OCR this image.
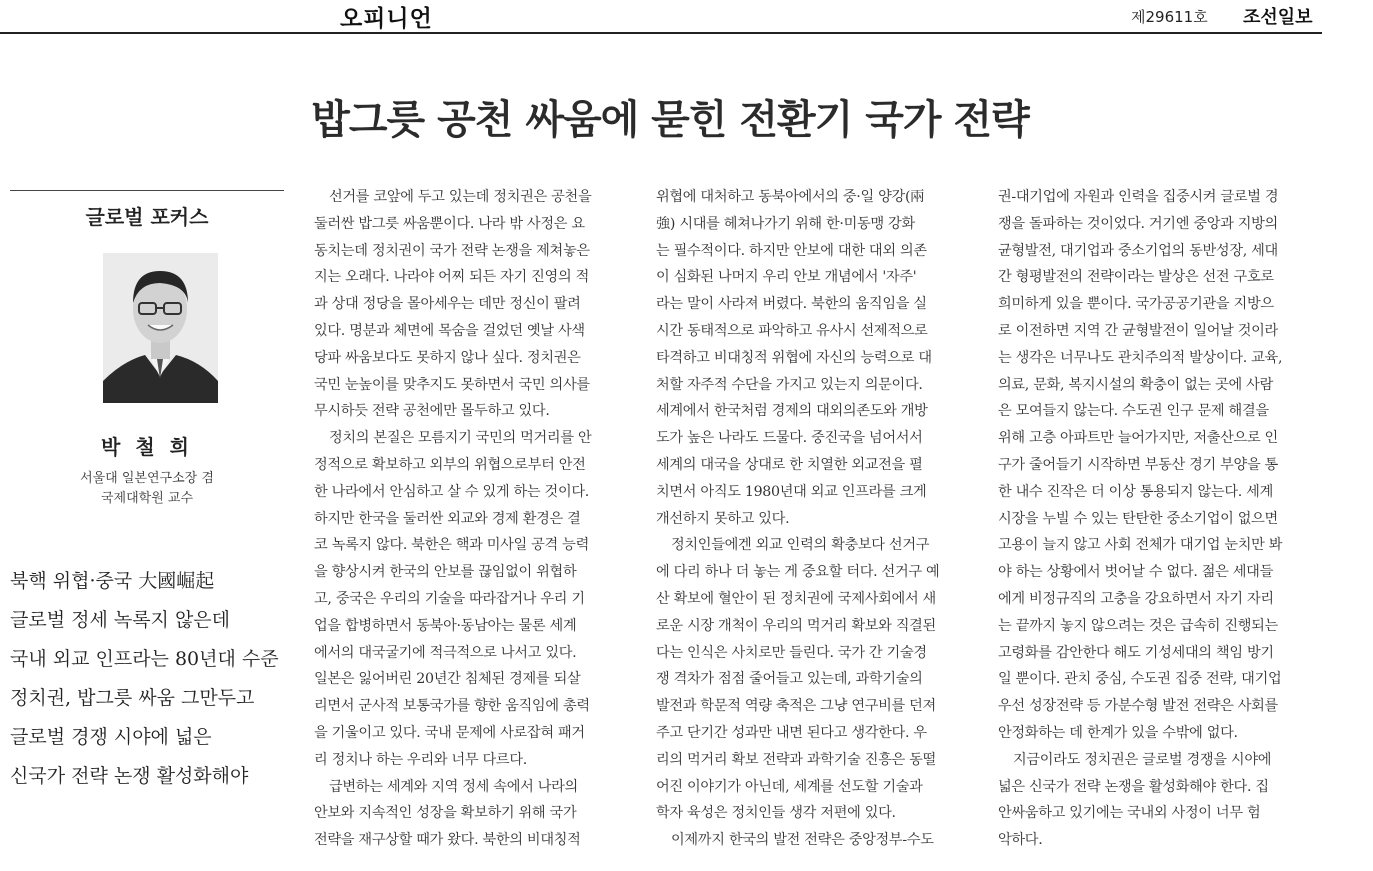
오피니언	제29611호 조선일보
밥그릇 공천 싸움에 묻힌 전환기 국가 전략
글로벌 포커스
박 철 희
서울대 일본연구소장 겸
국제대학원 교수
북핵 위협·중국 大國崛起
글로벌 정세 녹록지 않은데
국내 외교 인프라는 80년대 수준
정치권, 밥그릇 싸움 그만두고
글로벌 경쟁 시야에 넓은
신국가 전략 논쟁 활성화해야
선거를 코앞에 두고 있는데 정치권은 공천을
둘러싼 밥그릇 싸움뿐이다. 나라 밖 사정은 요
동치는데 정치권이 국가 전략 논쟁을 제쳐놓은
지는 오래다. 나라야 어찌 되든 자기 진영의 적
과 상대 정당을 몰아세우는 데만 정신이 팔려
있다. 명분과 체면에 목숨을 걸었던 옛날 사색
당파 싸움보다도 못하지 않나 싶다. 정치권은
국민 눈높이를 맞추지도 못하면서 국민 의사를
무시하듯 전략 공천에만 몰두하고 있다.
정치의 본질은 모름지기 국민의 먹거리를 안
정적으로 확보하고 외부의 위협으로부터 안전
한 나라에서 안심하고 살 수 있게 하는 것이다.
하지만 한국을 둘러싼 외교와 경제 환경은 결
코 녹록지 않다. 북한은 핵과 미사일 공격 능력
을 향상시켜 한국의 안보를 끊임없이 위협하
고, 중국은 우리의 기술을 따라잡거나 우리 기
업을 합병하면서 동북아·동남아는 물론 세계
에서의 대국굴기에 적극적으로 나서고 있다.
일본은 잃어버린 20년간 침체된 경제를 되살
리면서 군사적 보통국가를 향한 움직임에 총력
을 기울이고 있다. 국내 문제에 사로잡혀 패거
리 정치나 하는 우리와 너무 다르다.
급변하는 세계와 지역 정세 속에서 나라의
안보와 지속적인 성장을 확보하기 위해 국가
전략을 재구상할 때가 왔다. 북한의 비대칭적
위협에 대처하고 동북아에서의 중·일 양강(兩
強) 시대를 헤쳐나가기 위해 한·미동맹 강화
는 필수적이다. 하지만 안보에 대한 대외 의존
이 심화된 나머지 우리 안보 개념에서 '자주'
라는 말이 사라져 버렸다. 북한의 움직임을 실
시간 동태적으로 파악하고 유사시 선제적으로
타격하고 비대칭적 위협에 자신의 능력으로 대
처할 자주적 수단을 가지고 있는지 의문이다.
세계에서 한국처럼 경제의 대외의존도와 개방
도가 높은 나라도 드물다. 중진국을 넘어서서
세계의 대국을 상대로 한 치열한 외교전을 펼
치면서 아직도 1980년대 외교 인프라를 크게
개선하지 못하고 있다.
정치인들에겐 외교 인력의 확충보다 선거구
에 다리 하나 더 놓는 게 중요할 터다. 선거구 예
산 확보에 혈안이 된 정치권에 국제사회에서 새
로운 시장 개척이 우리의 먹거리 확보와 직결된
다는 인식은 사치로만 들린다. 국가 간 기술경
쟁 격차가 점점 줄어들고 있는데, 과학기술의
발전과 학문적 역량 축적은 그냥 연구비를 던져
주고 단기간 성과만 내면 된다고 생각한다. 우
리의 먹거리 확보 전략과 과학기술 진흥은 동떨
어진 이야기가 아닌데, 세계를 선도할 기술과
학자 육성은 정치인들 생각 저편에 있다.
이제까지 한국의 발전 전략은 중앙정부-수도
권-대기업에 자원과 인력을 집중시켜 글로벌 경
쟁을 돌파하는 것이었다. 거기엔 중앙과 지방의
균형발전, 대기업과 중소기업의 동반성장, 세대
간 형평발전의 전략이라는 발상은 선전 구호로
희미하게 있을 뿐이다. 국가공공기관을 지방으
로 이전하면 지역 간 균형발전이 일어날 것이라
는 생각은 너무나도 관치주의적 발상이다. 교육,
의료, 문화, 복지시설의 확충이 없는 곳에 사람
은 모여들지 않는다. 수도권 인구 문제 해결을
위해 고층 아파트만 늘어가지만, 저출산으로 인
구가 줄어들기 시작하면 부동산 경기 부양을 통
한 내수 진작은 더 이상 통용되지 않는다. 세계
시장을 누빌 수 있는 탄탄한 중소기업이 없으면
고용이 늘지 않고 사회 전체가 대기업 눈치만 봐
야 하는 상황에서 벗어날 수 없다. 젊은 세대들
에게 비정규직의 고충을 강요하면서 자기 자리
는 끝까지 놓지 않으려는 것은 급속히 진행되는
고령화를 감안한다 해도 기성세대의 책임 방기
일 뿐이다. 관치 중심, 수도권 집중 전략, 대기업
우선 성장전략 등 가분수형 발전 전략은 사회를
안정화하는 데 한계가 있을 수밖에 없다.
지금이라도 정치권은 글로벌 경쟁을 시야에
넓은 신국가 전략 논쟁을 활성화해야 한다. 집
안싸움하고 있기에는 국내외 사정이 너무 험
악하다.
